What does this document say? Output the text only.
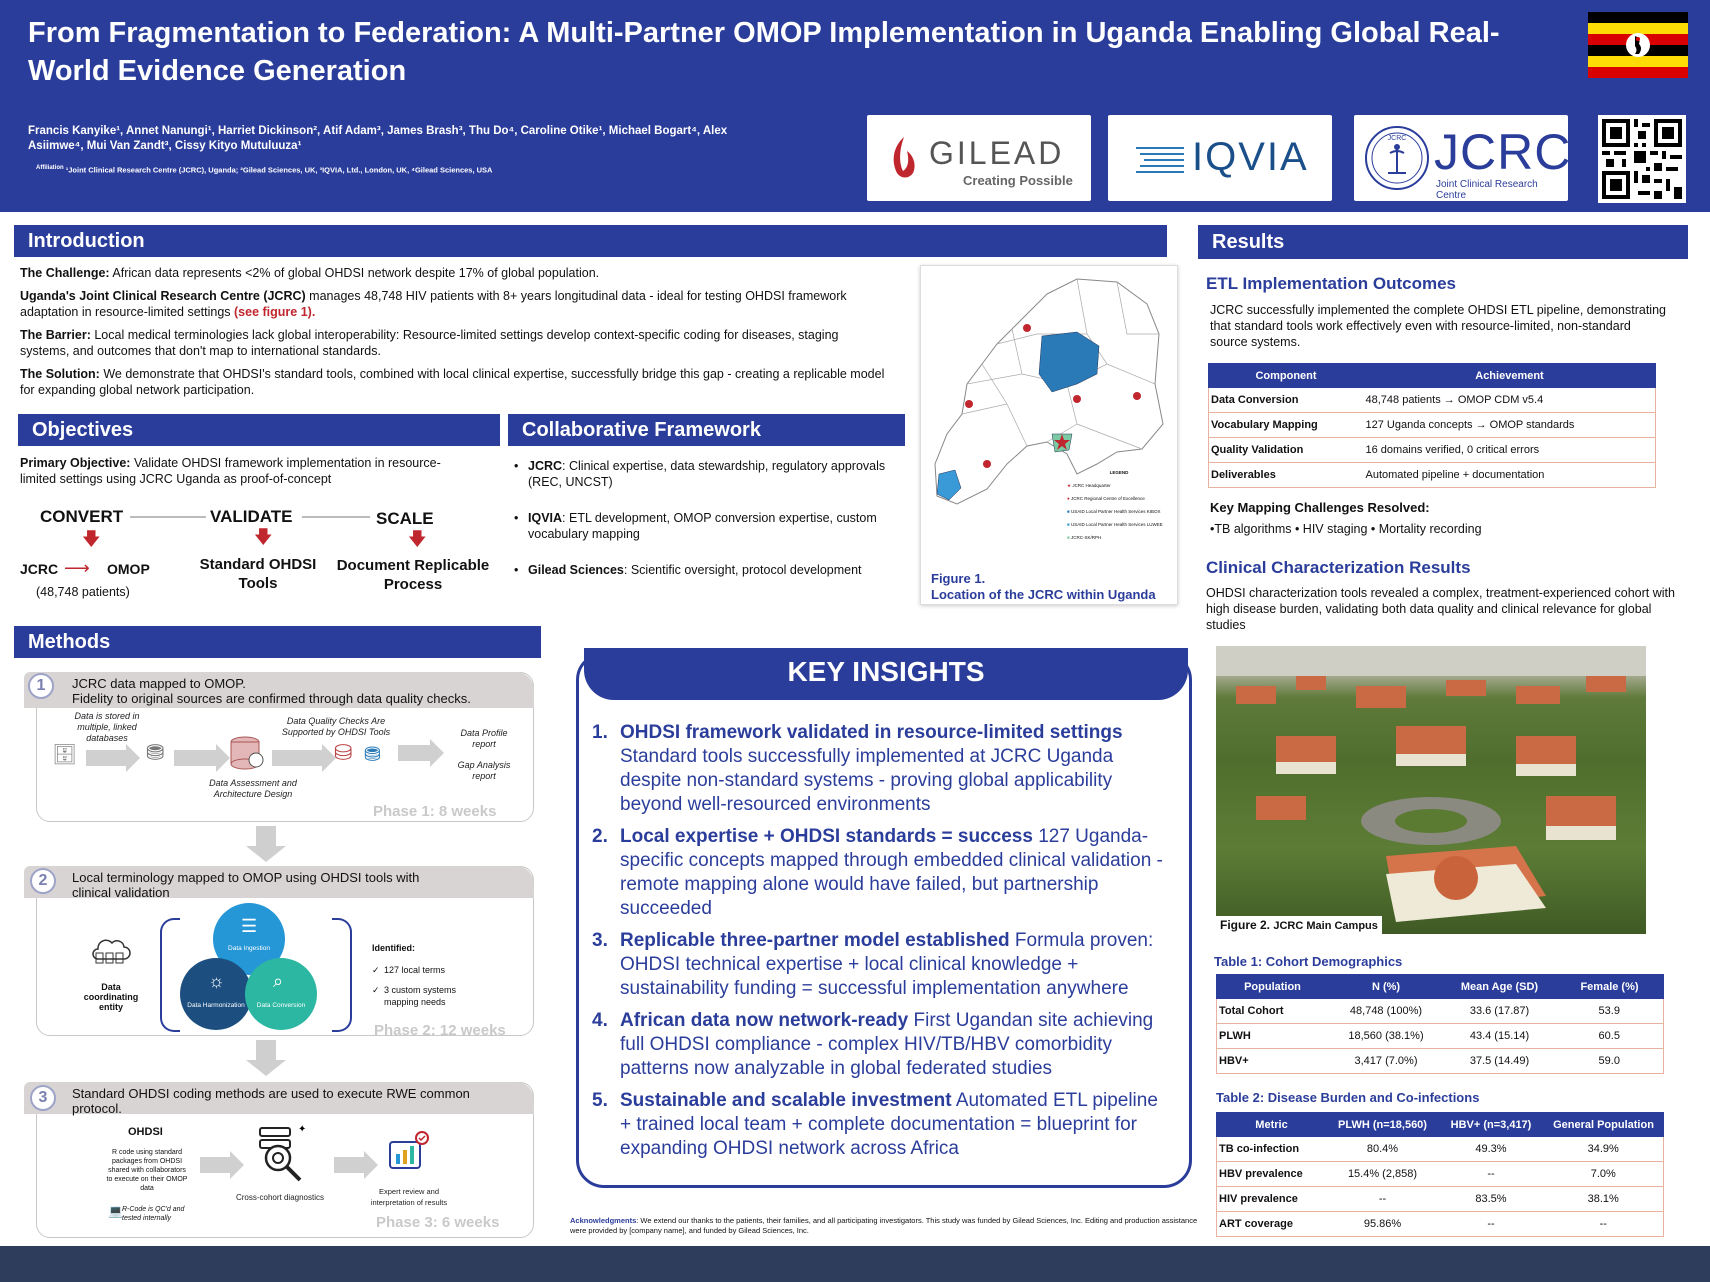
From Fragmentation to Federation: A Multi-Partner OMOP Implementation in Uganda Enabling Global Real-World Evidence Generation
Francis Kanyike¹, Annet Nanungi¹, Harriet Dickinson², Atif Adam³, James Brash³, Thu Do⁴, Caroline Otike¹, Michael Bogart⁴, Alex Asiimwe⁴, Mui Van Zandt³, Cissy Kityo Mutuluuza¹
$^{Affiliation}$ ¹Joint Clinical Research Centre (JCRC), Uganda; ²Gilead Sciences, UK, ³IQVIA, Ltd., London, UK, ⁴Gilead Sciences, USA	GILEAD
Creating Possible
IQVIA	JCRC JCRC
Joint Clinical Research Centre
Introduction

The Challenge: African data represents <2% of global OHDSI network despite 17% of global population.

Uganda's Joint Clinical Research Centre (JCRC) manages 48,748 HIV patients with 8+ years longitudinal data - ideal for testing OHDSI framework adaptation in resource-limited settings (see figure 1).

The Barrier: Local medical terminologies lack global interoperability: Resource-limited settings develop context-specific coding for diseases, staging systems, and outcomes that don't map to international standards.

The Solution: We demonstrate that OHDSI's standard tools, combined with local clinical expertise, successfully bridge this gap - creating a replicable model for expanding global network participation.

LEGEND
★ JCRC Headquarter
● JCRC Regional Centre of Excellence
■ USAID Local Partner Health Services KIBOX
■ USAID Local Partner Health Services LUWEE
■ JCRC-SK/RPH
Figure 1.
Location of the JCRC within Uganda
Objectives
Primary Objective: Validate OHDSI framework implementation in resource-limited settings using JCRC Uganda as proof-of-concept
CONVERT	VALIDATE	SCALE
🡇	🡇	🡇
JCRC ⟶ OMOP
(48,748 patients)
Standard OHDSI Tools
Document Replicable Process
Collaborative Framework
• JCRC: Clinical expertise, data stewardship, regulatory approvals (REC, UNCST)
• IQVIA: ETL development, OMOP conversion expertise, custom vocabulary mapping
• Gilead Sciences: Scientific oversight, protocol development
Methods
JCRC data mapped to OMOP.
Fidelity to original sources are confirmed through data quality checks.
1
Data is stored in multiple, linked databases
🗄	⛃
Data Assessment and Architecture Design
Data Quality Checks Are Supported by OHDSI Tools
⛁ ⛃
Data Profile report
Gap Analysis report
Phase 1: 8 weeks
Local terminology mapped to OMOP using OHDSI tools with clinical validation
2
Data coordinating entity
☰
Data Ingestion
☼
Data Harmonization
⌕
Data Conversion
Identified:
✓ 127 local terms
✓ 3 custom systems mapping needs
Phase 2: 12 weeks
Standard OHDSI coding methods are used to execute RWE common protocol.
3
OHDSI
R code using standard packages from OHDSI shared with collaborators to execute on their OMOP data
💻 R-Code is QC'd and tested internally
✦
Cross-cohort diagnostics
Expert review and interpretation of results
Phase 3: 6 weeks
KEY INSIGHTS
1. OHDSI framework validated in resource-limited settings Standard tools successfully implemented at JCRC Uganda despite non-standard systems - proving global applicability beyond well-resourced environments
2. Local expertise + OHDSI standards = success 127 Uganda-specific concepts mapped through embedded clinical validation - remote mapping alone would have failed, but partnership succeeded
3. Replicable three-partner model established Formula proven: OHDSI technical expertise + local clinical knowledge + sustainability funding = successful implementation anywhere
4. African data now network-ready First Ugandan site achieving full OHDSI compliance - complex HIV/TB/HBV comorbidity patterns now analyzable in global federated studies
5. Sustainable and scalable investment Automated ETL pipeline + trained local team + complete documentation = blueprint for expanding OHDSI network across Africa
Acknowledgments: We extend our thanks to the patients, their families, and all participating investigators. This study was funded by Gilead Sciences, Inc. Editing and production assistance were provided by [company name], and funded by Gilead Sciences, Inc.
Results
ETL Implementation Outcomes
JCRC successfully implemented the complete OHDSI ETL pipeline, demonstrating that standard tools work effectively even with resource-limited, non-standard source systems.
Component	Achievement
Data Conversion	48,748 patients → OMOP CDM v5.4
Vocabulary Mapping	127 Uganda concepts → OMOP standards
Quality Validation	16 domains verified, 0 critical errors
Deliverables	Automated pipeline + documentation
Key Mapping Challenges Resolved:
•TB algorithms • HIV staging • Mortality recording
Clinical Characterization Results
OHDSI characterization tools revealed a complex, treatment-experienced cohort with high disease burden, validating both data quality and clinical relevance for global studies
Figure 2. JCRC Main Campus
Table 1: Cohort Demographics
Population	N (%)	Mean Age (SD)	Female (%)
Total Cohort	48,748 (100%)	33.6 (17.87)	53.9
PLWH	18,560 (38.1%)	43.4 (15.14)	60.5
HBV+	3,417 (7.0%)	37.5 (14.49)	59.0
Table 2: Disease Burden and Co-infections
Metric	PLWH (n=18,560)	HBV+ (n=3,417)	General Population
TB co-infection	80.4%	49.3%	34.9%
HBV prevalence	15.4% (2,858)	--	7.0%
HIV prevalence	--	83.5%	38.1%
ART coverage	95.86%	--	--
